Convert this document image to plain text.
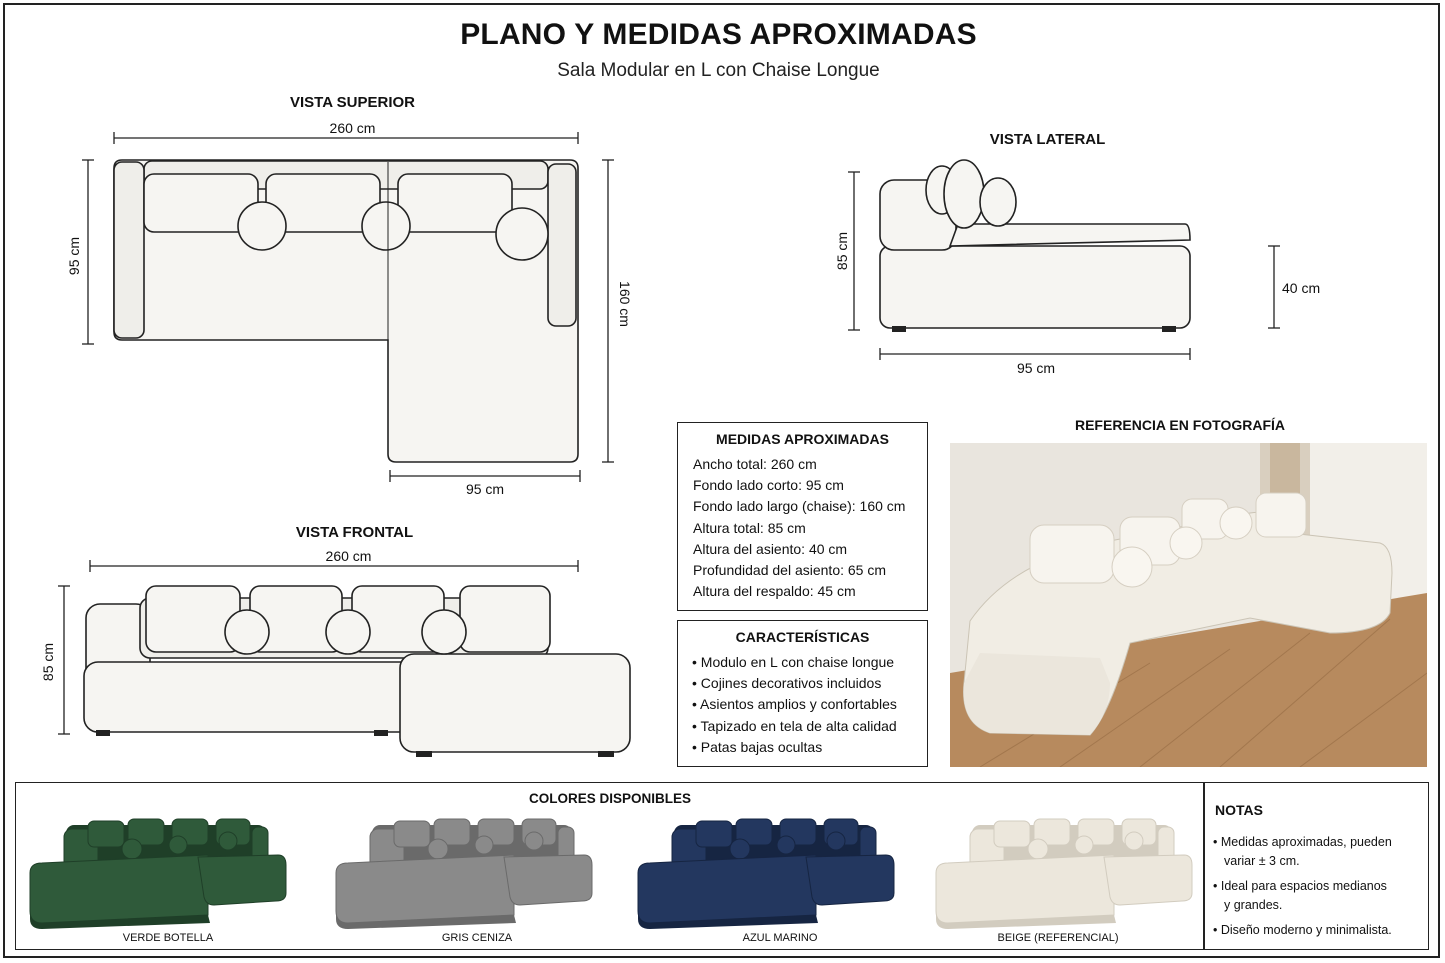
PLANO Y MEDIDAS APROXIMADAS
Sala Modular en L con Chaise Longue
VISTA SUPERIOR
260 cm
95 cm
160 cm
95 cm
VISTA LATERAL
85 cm
40 cm
95 cm
VISTA FRONTAL
260 cm
85 cm
MEDIDAS APROXIMADAS
Ancho total: 260 cm
Fondo lado corto: 95 cm
Fondo lado largo (chaise): 160 cm
Altura total: 85 cm
Altura del asiento: 40 cm
Profundidad del asiento: 65 cm
Altura del respaldo: 45 cm
CARACTERÍSTICAS
• Modulo en L con chaise longue
• Cojines decorativos incluidos
• Asientos amplios y confortables
• Tapizado en tela de alta calidad
• Patas bajas ocultas
REFERENCIA EN FOTOGRAFÍA
COLORES DISPONIBLES
VERDE BOTELLA	GRIS CENIZA	AZUL MARINO	BEIGE (REFERENCIAL)
NOTAS
• Medidas aproximadas, pueden
variar ± 3 cm.
• Ideal para espacios medianos
y grandes.
• Diseño moderno y minimalista.
